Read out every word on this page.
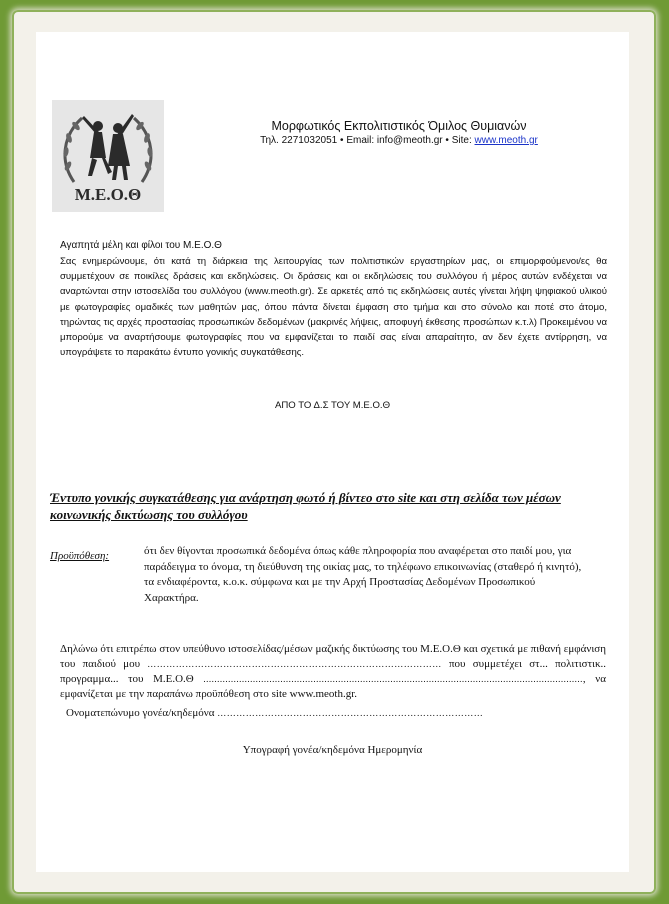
Μ.Ε.Ο.Θ
Μορφωτικός Εκπολιτιστικός Όμιλος Θυμιανών
Τηλ. 2271032051 • Email: info@meoth.gr • Site: www.meoth.gr
Αγαπητά μέλη και φίλοι του Μ.Ε.Ο.Θ
Σας ενημερώνουμε, ότι κατά τη διάρκεια της λειτουργίας των πολιτιστικών εργαστηρίων μας, οι επιμορφούμενοι/ες θα συμμετέχουν σε ποικίλες δράσεις και εκδηλώσεις. Οι δράσεις και οι εκδηλώσεις του συλλόγου ή μέρος αυτών ενδέχεται να αναρτώνται στην ιστοσελίδα του συλλόγου (www.meoth.gr). Σε αρκετές από τις εκδηλώσεις αυτές γίνεται λήψη ψηφιακού υλικού με φωτογραφίες ομαδικές των μαθητών μας, όπου πάντα δίνεται έμφαση στο τμήμα και στο σύνολο και ποτέ στο άτομο, τηρώντας τις αρχές προστασίας προσωπικών δεδομένων (μακρινές λήψεις, αποφυγή έκθεσης προσώπων κ.τ.λ) Προκειμένου να μπορούμε να αναρτήσουμε φωτογραφίες που να εμφανίζεται το παιδί σας είναι απαραίτητο, αν δεν έχετε αντίρρηση, να υπογράψετε το παρακάτω έντυπο γονικής συγκατάθεσης.
ΑΠΟ ΤΟ Δ.Σ ΤΟΥ Μ.Ε.Ο.Θ
Έντυπο γονικής συγκατάθεσης για ανάρτηση φωτό ή βίντεο στο site και στη σελίδα των μέσων κοινωνικής δικτύωσης του συλλόγου
Προϋπόθεση:	ότι δεν θίγονται προσωπικά δεδομένα όπως κάθε πληροφορία που αναφέρεται στο παιδί μου, για παράδειγμα το όνομα, τη διεύθυνση της οικίας μας, το τηλέφωνο επικοινωνίας (σταθερό ή κινητό), τα ενδιαφέροντα, κ.ο.κ. σύμφωνα και με την Αρχή Προστασίας Δεδομένων Προσωπικού Χαρακτήρα.
Δηλώνω ότι επιτρέπω στον υπεύθυνο ιστοσελίδας/μέσων μαζικής δικτύωσης του Μ.Ε.Ο.Θ και σχετικά με πιθανή εμφάνιση του παιδιού μου ………………………………………………………………………………… που συμμετέχει στ... πολιτιστικ.. προγραμμα... του Μ.Ε.Ο.Θ .........................................................................................................................................., να εμφανίζεται με την παραπάνω προϋπόθεση στο site www.meoth.gr.
Ονοματεπώνυμο γονέα/κηδεμόνα …………………………………………………………………………
Υπογραφή γονέα/κηδεμόνα Ημερομηνία
